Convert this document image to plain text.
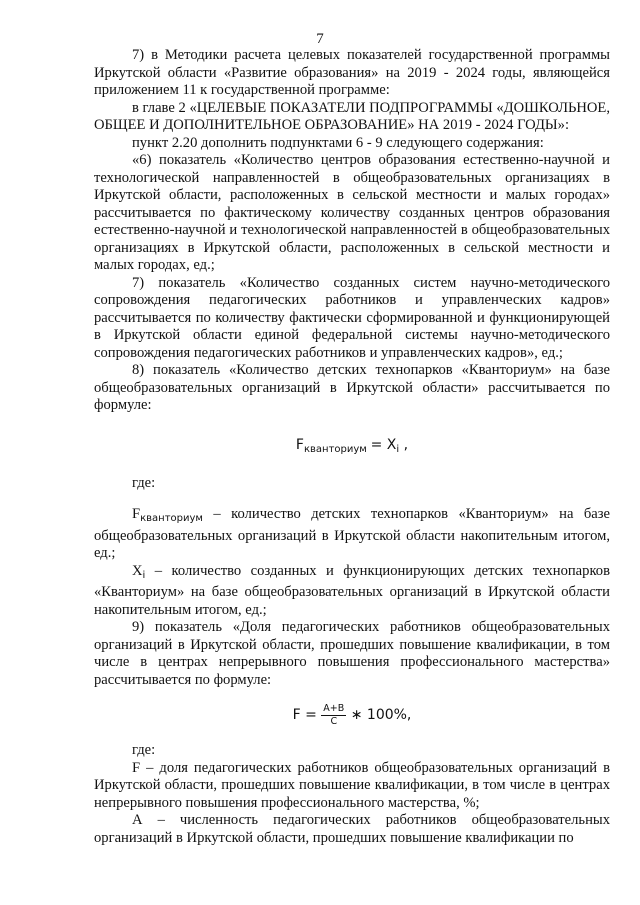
7

7) в Методики расчета целевых показателей государственной программы Иркутской области «Развитие образования» на 2019 - 2024 годы, являющейся приложением 11 к государственной программе:

в главе 2 «ЦЕЛЕВЫЕ ПОКАЗАТЕЛИ ПОДПРОГРАММЫ «ДОШКОЛЬНОЕ, ОБЩЕЕ И ДОПОЛНИТЕЛЬНОЕ ОБРАЗОВАНИЕ» НА 2019 - 2024 ГОДЫ»:

пункт 2.20 дополнить подпунктами 6 - 9 следующего содержания:

«6) показатель «Количество центров образования естественно-научной и технологической направленностей в общеобразовательных организациях в Иркутской области, расположенных в сельской местности и малых городах» рассчитывается по фактическому количеству созданных центров образования естественно-научной и технологической направленностей в общеобразовательных организациях в Иркутской области, расположенных в сельской местности и малых городах, ед.;

7) показатель «Количество созданных систем научно-методического сопровождения педагогических работников и управленческих кадров» рассчитывается по количеству фактически сформированной и функционирующей в Иркутской области единой федеральной системы научно-методического сопровождения педагогических работников и управленческих кадров», ед.;

8) показатель «Количество детских технопарков «Кванториум» на базе общеобразовательных организаций в Иркутской области» рассчитывается по формуле:

$F_{кванториум} = X_i$ ,

где:

$F_{кванториум}$ – количество детских технопарков «Кванториум» на базе общеобразовательных организаций в Иркутской области накопительным итогом, ед.;

$X_i$ – количество созданных и функционирующих детских технопарков «Кванториум» на базе общеобразовательных организаций в Иркутской области накопительным итогом, ед.;

9) показатель «Доля педагогических работников общеобразовательных организаций в Иркутской области, прошедших повышение квалификации, в том числе в центрах непрерывного повышения профессионального мастерства» рассчитывается по формуле:

$F = \frac{A+B}{C}$ ∗ 100%,

где:

F – доля педагогических работников общеобразовательных организаций в Иркутской области, прошедших повышение квалификации, в том числе в центрах непрерывного повышения профессионального мастерства, %;

А – численность педагогических работников общеобразовательных организаций в Иркутской области, прошедших повышение квалификации по
